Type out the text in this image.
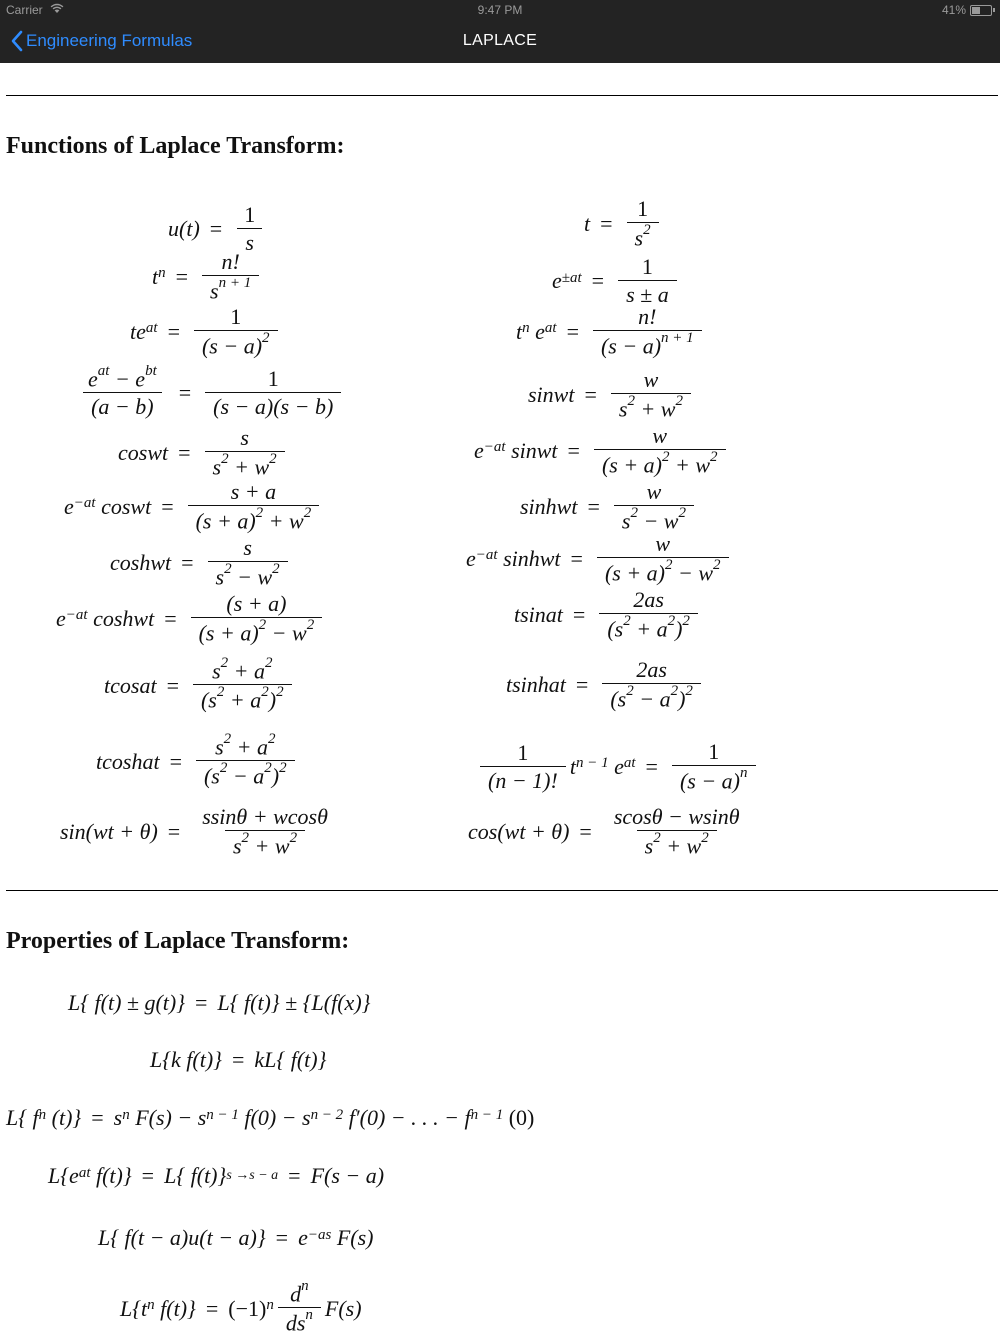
Carrier	9:47 PM	41%
Engineering Formulas	LAPLACE
Functions of Laplace Transform:
u( t ) = $\frac{1}{s}$
$t^n = \frac{n!}{s^{n + 1}}$
$te^{at} = \frac{1}{(s - a)^2}$
$\frac{e^{at} - e^{bt}}{(a - b)} = \frac{1}{(s - a)(s - b)}$
coswt = $\frac{s}{s^2 + w^2}$
$e^{-at}$ coswt = $\frac{s + a}{(s + a)^2 + w^2}$
coshwt = $\frac{s}{s^2 - w^2}$
$e^{-at}$ coshwt = $\frac{(s + a)}{(s + a)^2 - w^2}$
tcosat = $\frac{s^2 + a^2}{(s^2 + a^2)^2}$
tcoshat = $\frac{s^2 + a^2}{(s^2 - a^2)^2}$
$\sin(wt + \theta) = \frac{ssin\theta + wcos\theta}{s^2 + w^2}$
$t = \frac{1}{s^2}$
$e^{\pm at} = \frac{1}{s \pm a}$
$t^n$ $e^{at} = \frac{n!}{(s - a)^{n + 1}}$
sinwt = $\frac{w}{s^2 + w^2}$
$e^{-at}$ sinwt = $\frac{w}{(s + a)^2 + w^2}$
sinhwt = $\frac{w}{s^2 - w^2}$
$e^{-at}$ sinhwt = $\frac{w}{(s + a)^2 - w^2}$
tsinat = $\frac{2as}{(s^2 + a^2)^2}$
tsinhat = $\frac{2as}{(s^2 - a^2)^2}$
$\frac{1}{(n - 1)!} t^{n - 1}$ $e^{at} = \frac{1}{(s - a)^n}$
$\cos(wt + \theta) = \frac{scos\theta - wsin\theta}{s^2 + w^2}$
Properties of Laplace Transform:
L{ f(t) ± g(t)} = L{ f(t)} ± {L(f(x)}
L{k f(t)} = kL{ f(t)}
L{ $f^n$ $(t)\} = s^n$ $F(s) - s^{n - 1}$ $f(0) - s^{n - 2}$ f′(0) − . . . − $f^{n - 1}$
(0)
$L\{e^{at}$ f(t)} = L{ f(t)} s →s − a = F(s − a)
L{ $f(t - a)u(t - a)\} = e^{-as}$ F(s)
$L\{t^n$ $f(t)\} = (-1)^n \frac{d^n}{ds^n} F(s)$
